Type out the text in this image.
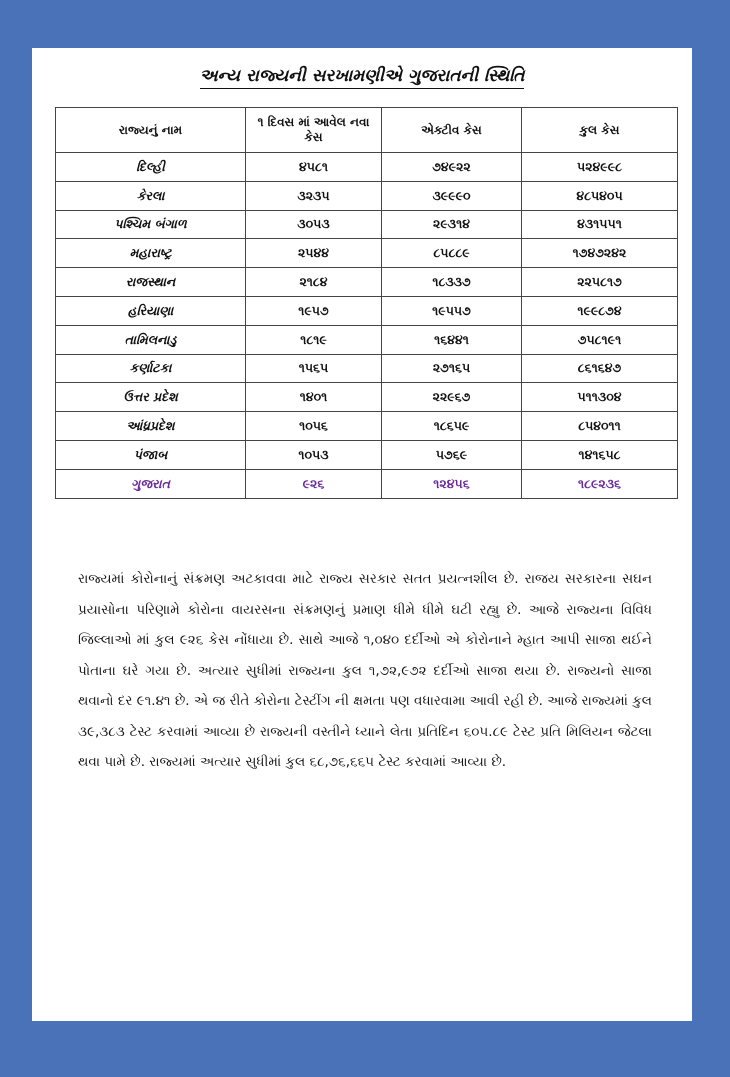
અન્ય રાજ્યની સરખામણીએ ગુજરાતની સ્થિતિ
રાજ્યનું નામ	૧ દિવસ માં આવેલ નવા કેસ	એક્ટીવ કેસ	કુલ કેસ
દિલ્હી	૪૫૮૧	૭૪૯૨૨	૫૨૪૯૯૮
કેરલા	૩૨૩૫	૩૯૯૯૦	૪૮૫૪૦૫
પશ્ચિમ બંગાળ	૩૦૫૩	૨૯૩૧૪	૪૩૧૫૫૧
મહારાષ્ટ્ર	૨૫૪૪	૮૫૮૮૯	૧૭૪૭૨૪૨
રાજસ્થાન	૨૧૮૪	૧૮૩૩૭	૨૨૫૮૧૭
હરિયાણા	૧૯૫૭	૧૯૫૫૭	૧૯૯૮૭૪
તામિલનાડુ	૧૮૧૯	૧૬૪૪૧	૭૫૮૧૯૧
કર્ણાટકા	૧૫૬૫	૨૭૧૬૫	૮૬૧૬૪૭
ઉત્તર પ્રદેશ	૧૪૦૧	૨૨૯૬૭	૫૧૧૩૦૪
આંધ્રપ્રદેશ	૧૦૫૬	૧૮૬૫૯	૮૫૪૦૧૧
પંજાબ	૧૦૫૩	૫૭૬૯	૧૪૧૬૫૮
ગુજરાત	૯૨૬	૧૨૪૫૬	૧૮૯૨૩૬

રાજ્યમાં કોરોનાનું સંક્રમણ અટકાવવા માટે રાજ્ય સરકાર સતત પ્રયત્નશીલ છે. રાજય સરકારના સઘન પ્રયાસોના પરિણામે કોરોના વાયરસના સંક્રમણનું પ્રમાણ ધીમે ધીમે ઘટી રહ્યુ છે. આજે રાજ્યના વિવિધ જિલ્લાઓ માં કુલ ૯૨૬ કેસ નોંધાયા છે. સાથે આજે ૧,૦૪૦ દર્દીઓ એ કોરોનાને મ્હાત આપી સાજા થઈને પોતાના ઘરે ગયા છે. અત્યાર સુધીમાં રાજ્યના કુલ ૧,૭૨,૯૭૨ દર્દીઓ સાજા થયા છે. રાજ્યનો સાજા થવાનો દર ૯૧.૪૧ છે. એ જ રીતે કોરોના ટેસ્ટીંગ ની ક્ષમતા પણ વધારવામા આવી રહી છે. આજે રાજ્યમાં કુલ ૩૯,૩૮૩ ટેસ્ટ કરવામાં આવ્યા છે રાજ્યની વસ્તીને ધ્યાને લેતા પ્રતિદિન ૬૦૫.૮૯ ટેસ્ટ પ્રતિ મિલિયન જેટલા થવા પામે છે. રાજ્યમાં અત્યાર સુધીમાં કુલ ૬૮,૭૬,૬૬૫ ટેસ્ટ કરવામાં આવ્યા છે.
